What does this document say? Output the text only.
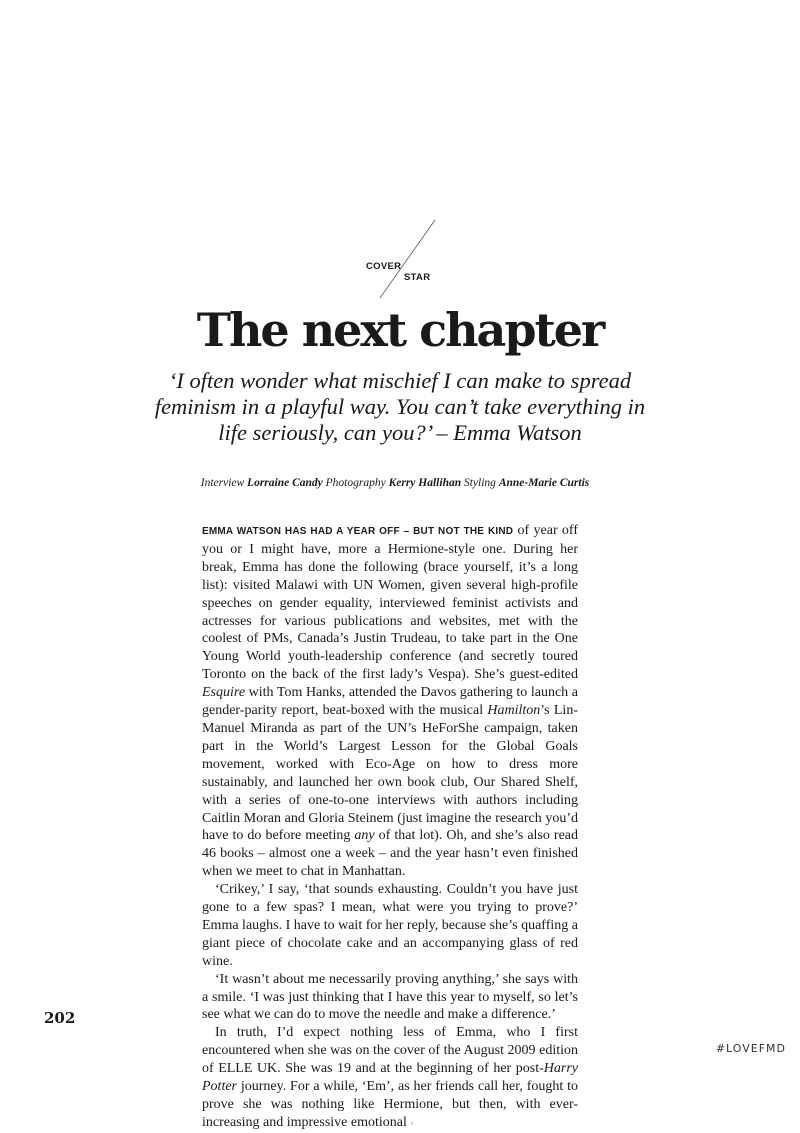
COVER
STAR
The next chapter

‘I often wonder what mischief I can make to spread feminism in a playful way. You can’t take everything in life seriously, can you?’ – Emma Watson

Interview Lorraine Candy Photography Kerry Hallihan Styling Anne-Marie Curtis

EMMA WATSON HAS HAD A YEAR OFF – BUT NOT THE KIND of year off you or I might have, more a Hermione-style one. During her break, Emma has done the following (brace yourself, it’s a long list): visited Malawi with UN Women, given several high-profile speeches on gender equality, interviewed feminist activists and actresses for various publications and websites, met with the coolest of PMs, Canada’s Justin Trudeau, to take part in the One Young World youth-leadership conference (and secretly toured Toronto on the back of the first lady’s Vespa). She’s guest-edited Esquire with Tom Hanks, attended the Davos gathering to launch a gender-parity report, beat-boxed with the musical Hamilton’s Lin-Manuel Miranda as part of the UN’s HeForShe campaign, taken part in the World’s Largest Lesson for the Global Goals movement, worked with Eco-Age on how to dress more sustainably, and launched her own book club, Our Shared Shelf, with a series of one-to-one interviews with authors including Caitlin Moran and Gloria Steinem (just imagine the research you’d have to do before meeting any of that lot). Oh, and she’s also read 46 books – almost one a week – and the year hasn’t even finished when we meet to chat in Manhattan.

‘Crikey,’ I say, ‘that sounds exhausting. Couldn’t you have just gone to a few spas? I mean, what were you trying to prove?’ Emma laughs. I have to wait for her reply, because she’s quaffing a giant piece of chocolate cake and an accompanying glass of red wine.

‘It wasn’t about me necessarily proving anything,’ she says with a smile. ‘I was just thinking that I have this year to myself, so let’s see what we can do to move the needle and make a difference.’

In truth, I’d expect nothing less of Emma, who I first encountered when she was on the cover of the August 2009 edition of ELLE UK. She was 19 and at the beginning of her post-Harry Potter journey. For a while, ‘Em’, as her friends call her, fought to prove she was nothing like Hermione, but then, with ever-increasing and impressive emotional ›

202
#LOVEFMD
